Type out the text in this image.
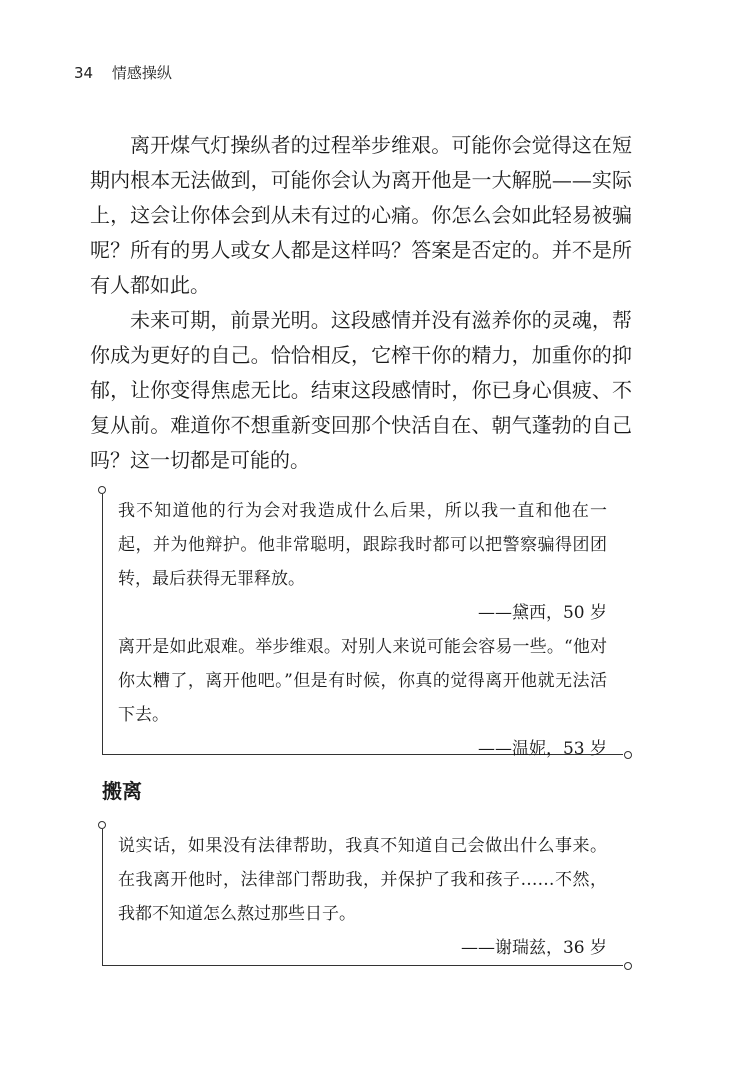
34 情感操纵

离开煤气灯操纵者的过程举步维艰。可能你会觉得这在短期内根本无法做到，可能你会认为离开他是一大解脱——实际上，这会让你体会到从未有过的心痛。你怎么会如此轻易被骗呢？所有的男人或女人都是这样吗？答案是否定的。并不是所有人都如此。

未来可期，前景光明。这段感情并没有滋养你的灵魂，帮你成为更好的自己。恰恰相反，它榨干你的精力，加重你的抑郁，让你变得焦虑无比。结束这段感情时，你已身心俱疲、不复从前。难道你不想重新变回那个快活自在、朝气蓬勃的自己吗？这一切都是可能的。

我不知道他的行为会对我造成什么后果，所以我一直和他在一起，并为他辩护。他非常聪明，跟踪我时都可以把警察骗得团团转，最后获得无罪释放。

——黛西，50 岁

离开是如此艰难。举步维艰。对别人来说可能会容易一些。“他对你太糟了，离开他吧。”但是有时候，你真的觉得离开他就无法活下去。

——温妮，53 岁

搬离

说实话，如果没有法律帮助，我真不知道自己会做出什么事来。在我离开他时，法律部门帮助我，并保护了我和孩子……不然，我都不知道怎么熬过那些日子。

——谢瑞兹，36 岁
